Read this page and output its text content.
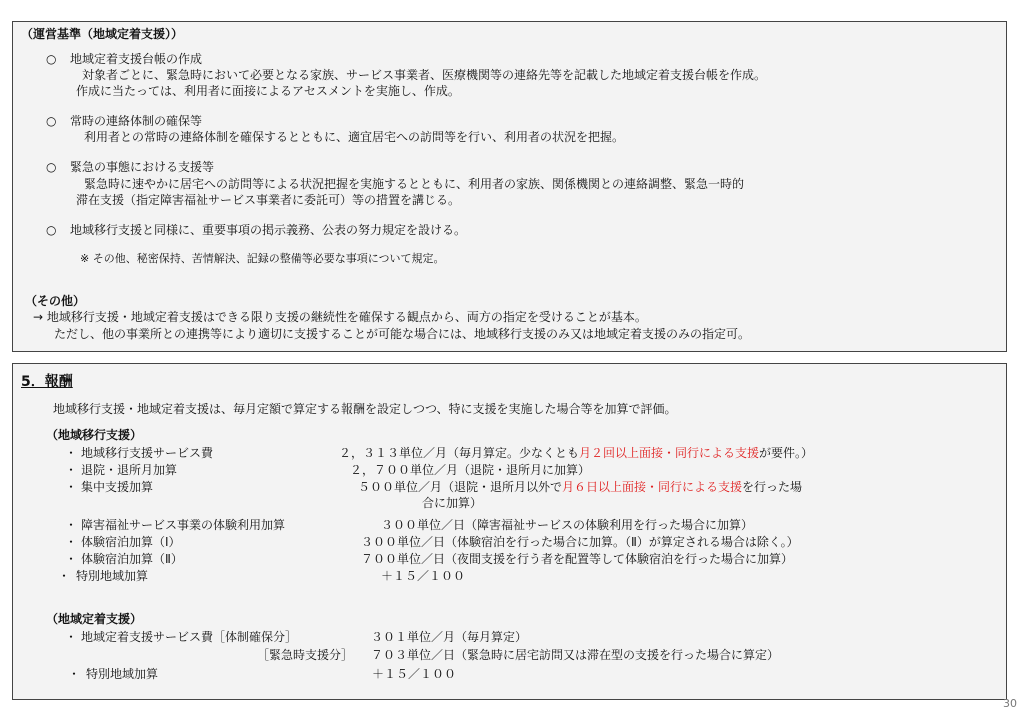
（運営基準（地域定着支援））
○ 地域定着支援台帳の作成
対象者ごとに、緊急時において必要となる家族、サービス事業者、医療機関等の連絡先等を記載した地域定着支援台帳を作成。
作成に当たっては、利用者に面接によるアセスメントを実施し、作成。
○ 常時の連絡体制の確保等
利用者との常時の連絡体制を確保するとともに、適宜居宅への訪問等を行い、利用者の状況を把握。
○ 緊急の事態における支援等
緊急時に速やかに居宅への訪問等による状況把握を実施するとともに、利用者の家族、関係機関との連絡調整、緊急一時的
滞在支援（指定障害福祉サービス事業者に委託可）等の措置を講じる。
○ 地域移行支援と同様に、重要事項の掲示義務、公表の努力規定を設ける。
※ その他、秘密保持、苦情解決、記録の整備等必要な事項について規定。
（その他）
→ 地域移行支援・地域定着支援はできる限り支援の継続性を確保する観点から、両方の指定を受けることが基本。
ただし、他の事業所との連携等により適切に支援することが可能な場合には、地域移行支援のみ又は地域定着支援のみの指定可。
5．報酬
地域移行支援・地域定着支援は、毎月定額で算定する報酬を設定しつつ、特に支援を実施した場合等を加算で評価。
（地域移行支援）
・ 地域移行支援サービス費	２，３１３単位／月（毎月算定。少なくとも月２回以上面接・同行による支援が要件。）
・ 退院・退所月加算	２，７００単位／月（退院・退所月に加算）
・ 集中支援加算	５００単位／月（退院・退所月以外で月６日以上面接・同行による支援を行った場
合に加算）
・ 障害福祉サービス事業の体験利用加算	３００単位／日（障害福祉サービスの体験利用を行った場合に加算）
・ 体験宿泊加算（Ⅰ）	３００単位／日（体験宿泊を行った場合に加算。（Ⅱ）が算定される場合は除く。）
・ 体験宿泊加算（Ⅱ）	７００単位／日（夜間支援を行う者を配置等して体験宿泊を行った場合に加算）
・ 特別地域加算	＋１５／１００
（地域定着支援）
・ 地域定着支援サービス費［体制確保分］	３０１単位／月（毎月算定）
［緊急時支援分］ ７０３単位／日（緊急時に居宅訪問又は滞在型の支援を行った場合に算定）
・ 特別地域加算	＋１５／１００
30
